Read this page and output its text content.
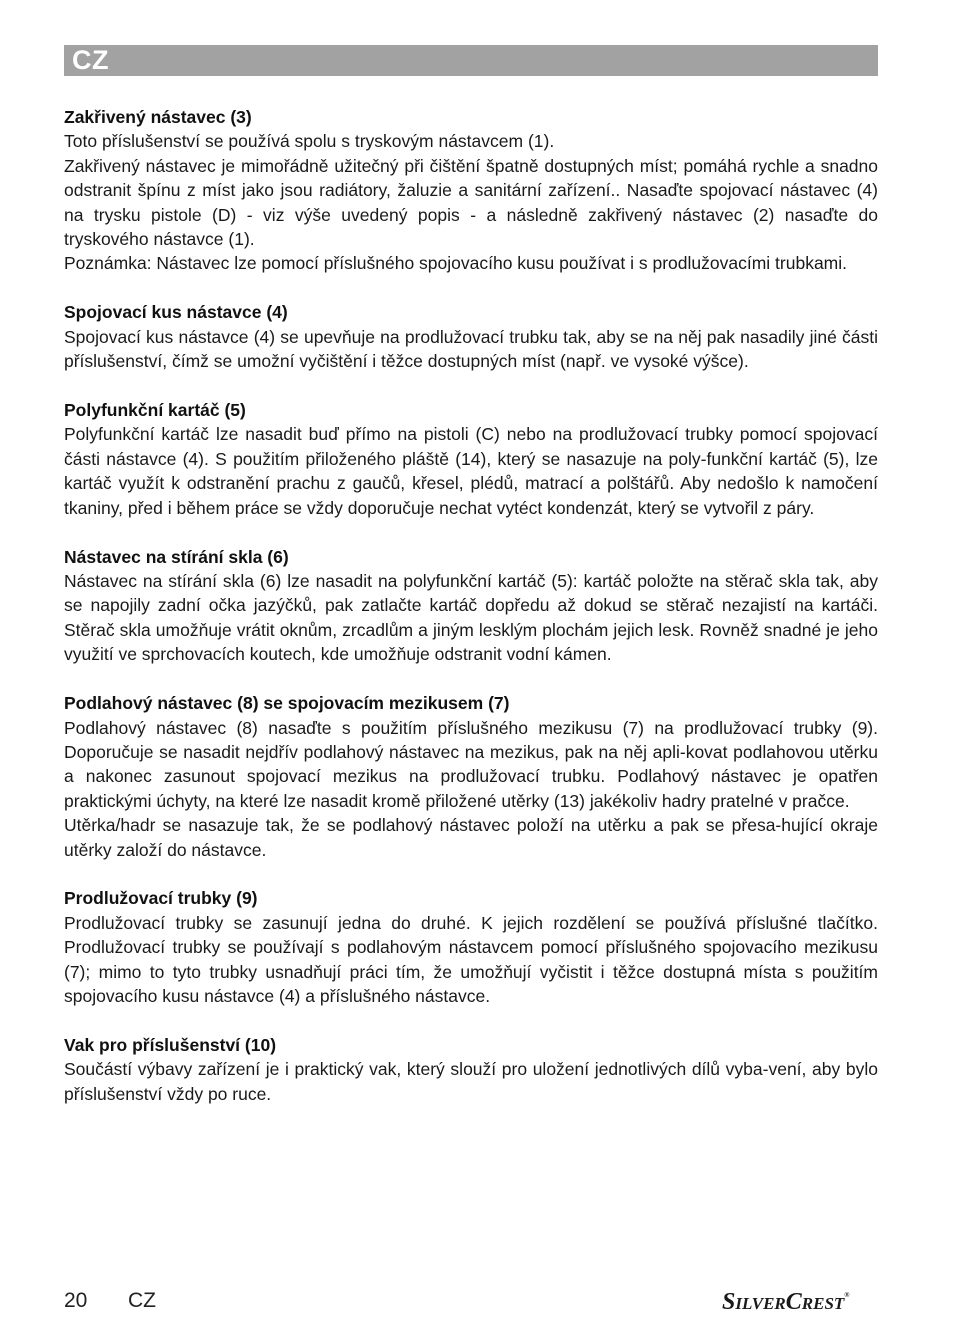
CZ
Zakřivený nástavec (3)

Toto příslušenství se používá spolu s tryskovým nástavcem (1).

Zakřivený nástavec je mimořádně užitečný při čištění špatně dostupných míst; pomáhá rychle a snadno odstranit špínu z míst jako jsou radiátory, žaluzie a sanitární zařízení.. Nasaďte spojovací nástavec (4) na trysku pistole (D) - viz výše uvedený popis - a následně zakřivený nástavec (2) nasaďte do tryskového nástavce (1).

Poznámka: Nástavec lze pomocí příslušného spojovacího kusu používat i s prodlužovacími trubkami.

Spojovací kus nástavce (4)

Spojovací kus nástavce (4) se upevňuje na prodlužovací trubku tak, aby se na něj pak nasadily jiné části příslušenství, čímž se umožní vyčištění i těžce dostupných míst (např. ve vysoké výšce).

Polyfunkční kartáč (5)

Polyfunkční kartáč lze nasadit buď přímo na pistoli (C) nebo na prodlužovací trubky pomocí spojovací části nástavce (4). S použitím přiloženého pláště (14), který se nasazuje na poly-funkční kartáč (5), lze kartáč využít k odstranění prachu z gaučů, křesel, plédů, matrací a polštářů. Aby nedošlo k namočení tkaniny, před i během práce se vždy doporučuje nechat vytéct kondenzát, který se vytvořil z páry.

Nástavec na stírání skla (6)

Nástavec na stírání skla (6) lze nasadit na polyfunkční kartáč (5): kartáč položte na stěrač skla tak, aby se napojily zadní očka jazýčků, pak zatlačte kartáč dopředu až dokud se stěrač nezajistí na kartáči. Stěrač skla umožňuje vrátit oknům, zrcadlům a jiným lesklým plochám jejich lesk. Rovněž snadné je jeho využití ve sprchovacích koutech, kde umožňuje odstranit vodní kámen.

Podlahový nástavec (8) se spojovacím mezikusem (7)

Podlahový nástavec (8) nasaďte s použitím příslušného mezikusu (7) na prodlužovací trubky (9). Doporučuje se nasadit nejdřív podlahový nástavec na mezikus, pak na něj apli-kovat podlahovou utěrku a nakonec zasunout spojovací mezikus na prodlužovací trubku. Podlahový nástavec je opatřen praktickými úchyty, na které lze nasadit kromě přiložené utěrky (13) jakékoliv hadry pratelné v pračce.

Utěrka/hadr se nasazuje tak, že se podlahový nástavec položí na utěrku a pak se přesa-hující okraje utěrky založí do nástavce.

Prodlužovací trubky (9)

Prodlužovací trubky se zasunují jedna do druhé. K jejich rozdělení se používá příslušné tlačítko. Prodlužovací trubky se používají s podlahovým nástavcem pomocí příslušného spojovacího mezikusu (7); mimo to tyto trubky usnadňují práci tím, že umožňují vyčistit i těžce dostupná místa s použitím spojovacího kusu nástavce (4) a příslušného nástavce.

Vak pro příslušenství (10)

Součástí výbavy zařízení je i praktický vak, který slouží pro uložení jednotlivých dílů vyba-vení, aby bylo příslušenství vždy po ruce.

20 CZ	SILVERCREST®
